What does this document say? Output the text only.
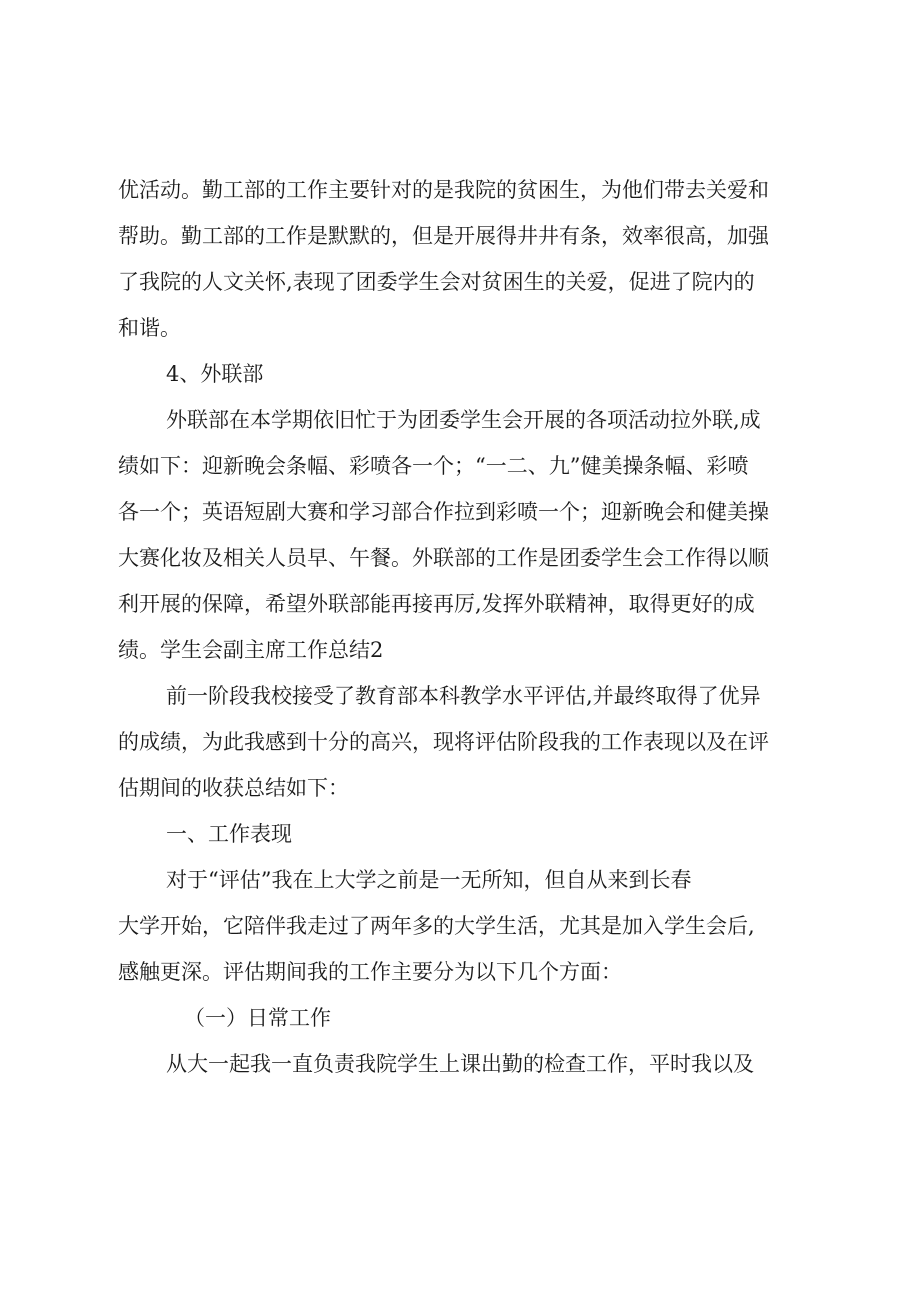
优活动。勤工部的工作主要针对的是我院的贫困生，为他们带去关爱和
帮助。勤工部的工作是默默的，但是开展得井井有条，效率很高，加强
了我院的人文关怀,表现了团委学生会对贫困生的关爱，促进了院内的
和谐。
4、外联部
外联部在本学期依旧忙于为团委学生会开展的各项活动拉外联,成
绩如下：迎新晚会条幅、彩喷各一个；“一二、九”健美操条幅、彩喷
各一个；英语短剧大赛和学习部合作拉到彩喷一个；迎新晚会和健美操
大赛化妆及相关人员早、午餐。外联部的工作是团委学生会工作得以顺
利开展的保障，希望外联部能再接再厉,发挥外联精神，取得更好的成
绩。学生会副主席工作总结2
前一阶段我校接受了教育部本科教学水平评估,并最终取得了优异
的成绩，为此我感到十分的高兴，现将评估阶段我的工作表现以及在评
估期间的收获总结如下：
一、工作表现
对于“评估”我在上大学之前是一无所知，但自从来到长春
大学开始，它陪伴我走过了两年多的大学生活，尤其是加入学生会后,
感触更深。评估期间我的工作主要分为以下几个方面：
（一）日常工作
从大一起我一直负责我院学生上课出勤的检查工作，平时我以及
